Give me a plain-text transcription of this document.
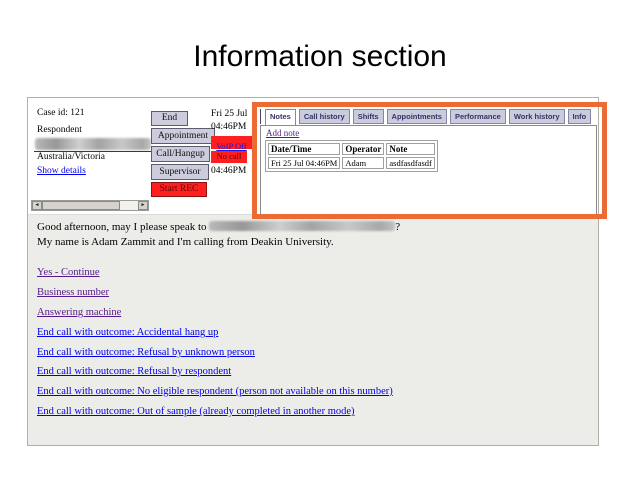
Information section
Case id: 121
Respondent
Australia/Victoria
Show details
◄	►
End
Appointment
Call/Hangup
Supervisor
Start REC
Fri 25 Jul
04:46PM
VoIP Off
No call
04:46PM
Notes	Call history	Shifts	Appointments	Performance	Work history	Info
Add note
Date/Time	Operator	Note
Fri 25 Jul 04:46PM	Adam	asdfasdfasdf
Good afternoon, may I please speak to	?
My name is Adam Zammit and I'm calling from Deakin University.
Yes - Continue
Business number
Answering machine
End call with outcome: Accidental hang up
End call with outcome: Refusal by unknown person
End call with outcome: Refusal by respondent
End call with outcome: No eligible respondent (person not available on this number)
End call with outcome: Out of sample (already completed in another mode)
